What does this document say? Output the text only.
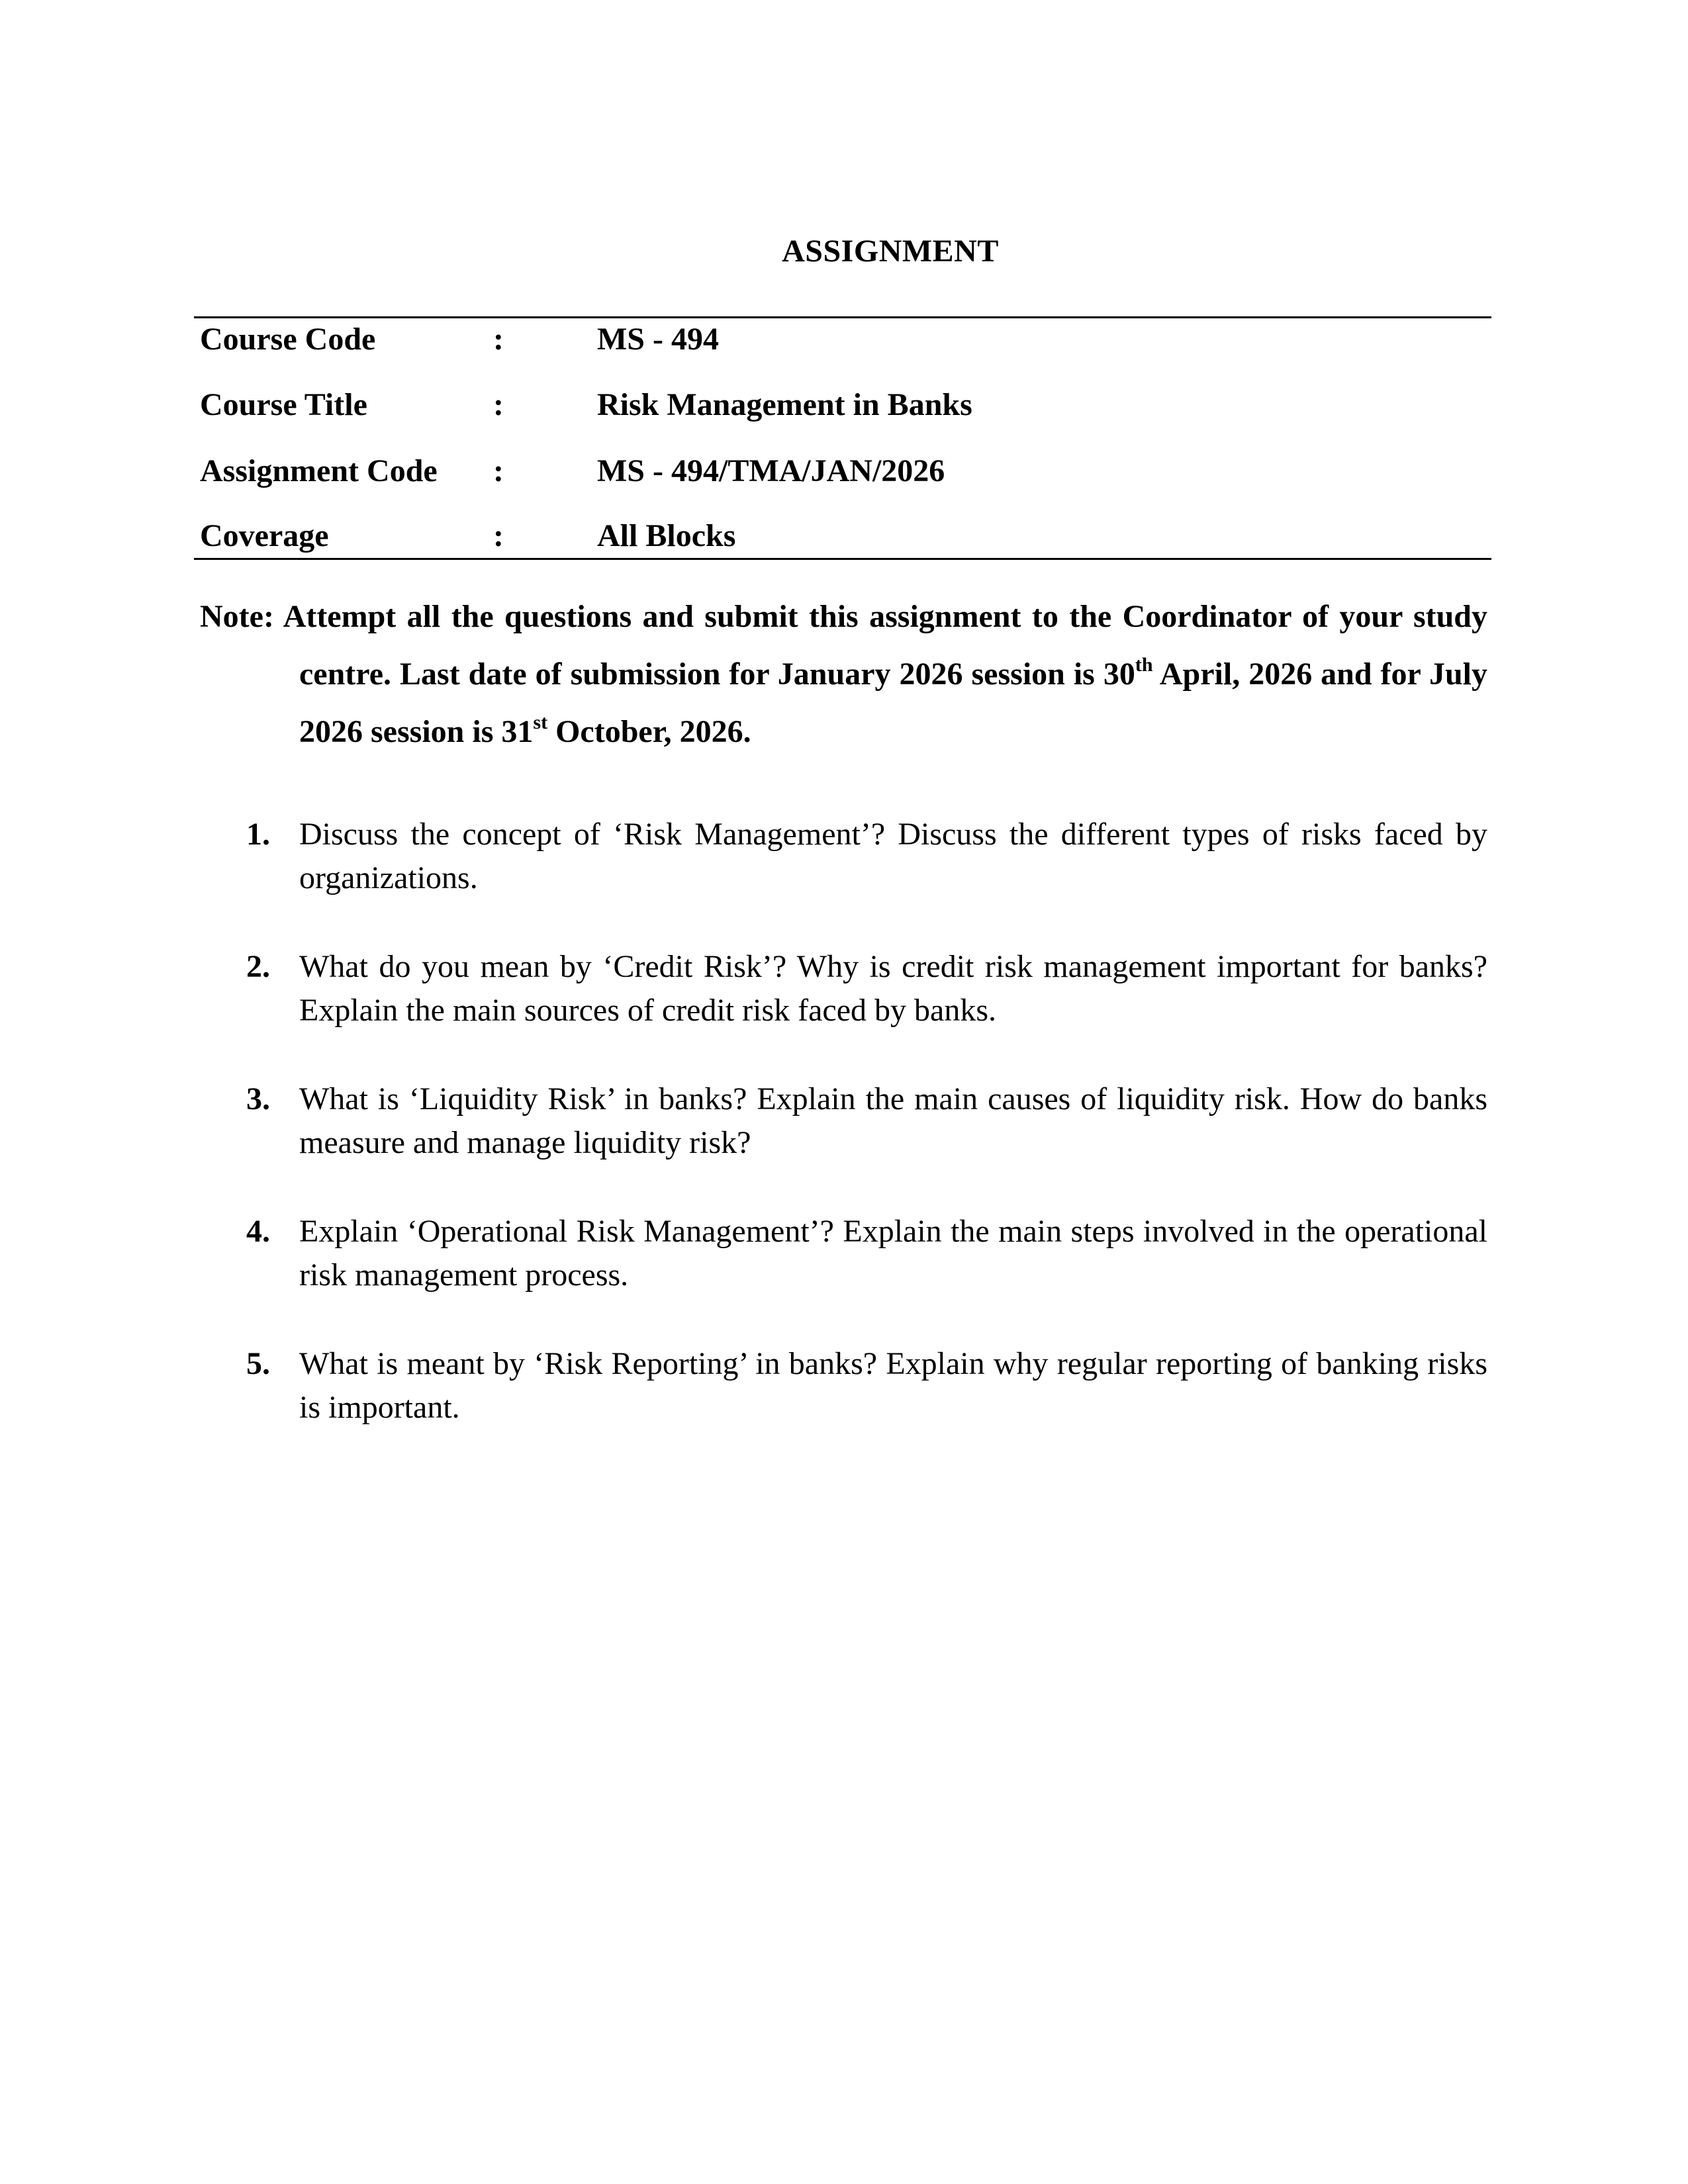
ASSIGNMENT
Course Code	:	MS - 494
Course Title	:	Risk Management in Banks
Assignment Code :	MS - 494/TMA/JAN/2026
Coverage	:	All Blocks
Note: Attempt all the questions and submit this assignment to the Coordinator of your study centre. Last date of submission for January 2026 session is 30th April, 2026 and for July 2026 session is 31st October, 2026.
1. Discuss the concept of ‘Risk Management’? Discuss the different types of risks faced by organizations.
2. What do you mean by ‘Credit Risk’? Why is credit risk management important for banks? Explain the main sources of credit risk faced by banks.
3. What is ‘Liquidity Risk’ in banks? Explain the main causes of liquidity risk. How do banks measure and manage liquidity risk?
4. Explain ‘Operational Risk Management’? Explain the main steps involved in the operational risk management process.
5. What is meant by ‘Risk Reporting’ in banks? Explain why regular reporting of banking risks is important.
